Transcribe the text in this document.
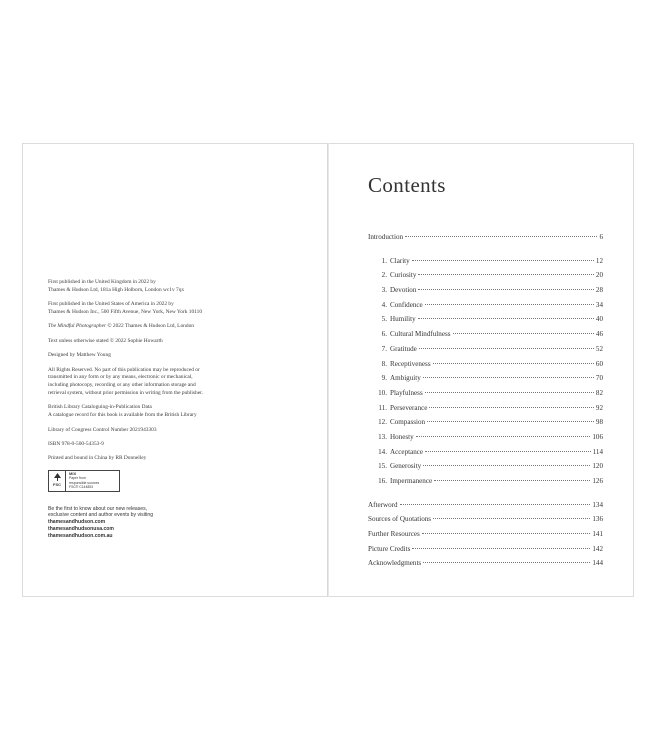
First published in the United Kingdom in 2022 by
Thames & Hudson Ltd, 181a High Holborn, London wc1v 7qx

First published in the United States of America in 2022 by
Thames & Hudson Inc., 500 Fifth Avenue, New York, New York 10110

The Mindful Photographer © 2022 Thames & Hudson Ltd, London

Text unless otherwise stated © 2022 Sophie Howarth

Designed by Matthew Young

All Rights Reserved. No part of this publication may be reproduced or
transmitted in any form or by any means, electronic or mechanical,
including photocopy, recording or any other information storage and
retrieval system, without prior permission in writing from the publisher.

British Library Cataloguing-in-Publication Data
A catalogue record for this book is available from the British Library

Library of Congress Control Number 2021943303

ISBN 978-0-500-54353-9

Printed and bound in China by RR Donnelley

FSC
MIX
Paper from
responsible sources
FSC® C144853
Be the first to know about our new releases,
exclusive content and author events by visiting
thamesandhudson.com
thamesandhudsonusa.com
thamesandhudson.com.au
Contents
Introduction	6
1. Clarity	12
2. Curiosity	20
3. Devotion	28
4. Confidence	34
5. Humility	40
6. Cultural Mindfulness	46
7. Gratitude	52
8. Receptiveness	60
9. Ambiguity	70
10. Playfulness	82
11. Perseverance	92
12. Compassion	98
13. Honesty	106
14. Acceptance	114
15. Generosity	120
16. Impermanence	126
Afterword	134
Sources of Quotations	136
Further Resources	141
Picture Credits	142
Acknowledgments	144
